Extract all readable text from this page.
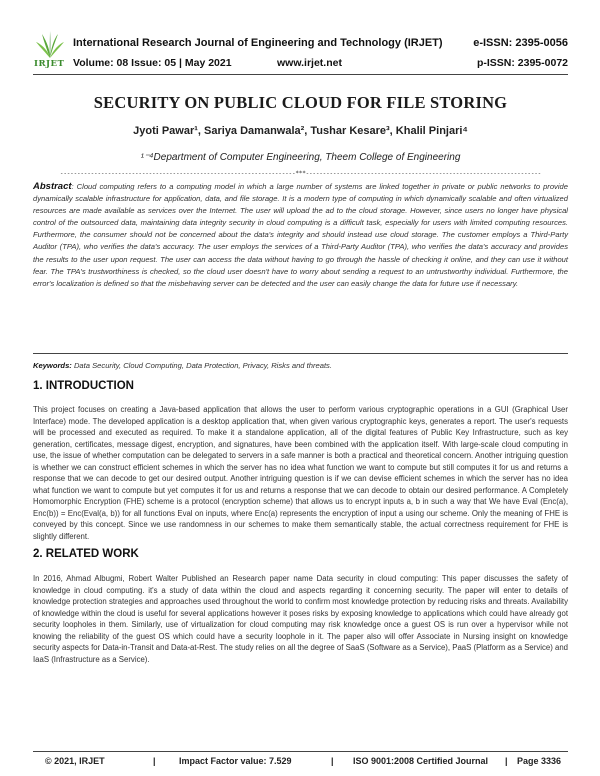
IRJET
International Research Journal of Engineering and Technology (IRJET)	e-ISSN: 2395-0056
Volume: 08 Issue: 05 | May 2021	www.irjet.net	p-ISSN: 2395-0072
SECURITY ON PUBLIC CLOUD FOR FILE STORING
Jyoti Pawar¹, Sariya Damanwala², Tushar Kesare³, Khalil Pinjari⁴
¹⁻⁴Department of Computer Engineering, Theem College of Engineering
---------------------------------------------------------------------***---------------------------------------------------------------------
Abstract: Cloud computing refers to a computing model in which a large number of systems are linked together in private or public networks to provide dynamically scalable infrastructure for application, data, and file storage. It is a modern type of computing in which dynamically scalable and often virtualized resources are made available as services over the Internet. The user will upload the ad to the cloud storage. However, since users no longer have physical control of the outsourced data, maintaining data integrity security in cloud computing is a difficult task, especially for users with limited computing resources. Furthermore, the consumer should not be concerned about the data's integrity and should instead use cloud storage. The customer employs a Third-Party Auditor (TPA), who verifies the data's accuracy. The user employs the services of a Third-Party Auditor (TPA), who verifies the data's accuracy and provides the results to the user upon request. The user can access the data without having to go through the hassle of checking it online, and they can use it without fear. The TPA's trustworthiness is checked, so the cloud user doesn't have to worry about sending a request to an untrustworthy individual. Furthermore, the error's localization is defined so that the misbehaving server can be detected and the user can easily change the data for future use if necessary.
Keywords: Data Security, Cloud Computing, Data Protection, Privacy, Risks and threats.
1. INTRODUCTION
This project focuses on creating a Java-based application that allows the user to perform various cryptographic operations in a GUI (Graphical User Interface) mode. The developed application is a desktop application that, when given various cryptographic keys, generates a report. The user's requests will be processed and executed as required. To make it a standalone application, all of the digital features of Public Key Infrastructure, such as key generation, certificates, message digest, encryption, and signatures, have been combined with the application itself. With large-scale cloud computing in use, the issue of whether computation can be delegated to servers in a safe manner is both a practical and theoretical concern. Another intriguing question is whether we can construct efficient schemes in which the server has no idea what function we want to compute but still computes it for us and returns a response that we can decode to get our desired output. Another intriguing question is if we can devise efficient schemes in which the server has no idea what function we want to compute but yet computes it for us and returns a response that we can decode to obtain our desired performance. A Completely Homomorphic Encryption (FHE) scheme is a protocol (encryption scheme) that allows us to encrypt inputs a, b in such a way that We have Eval (Enc(a), Enc(b)) = Enc(Eval(a, b)) for all functions Eval on inputs, where Enc(a) represents the encryption of input a using our scheme. Only the meaning of FHE is conveyed by this concept. Since we use randomness in our schemes to make them semantically stable, the actual correctness requirement for FHE is slightly different.
2. RELATED WORK
In 2016, Ahmad Albugmi, Robert Walter Published an Research paper name Data security in cloud computing: This paper discusses the safety of knowledge in cloud computing. it's a study of data within the cloud and aspects regarding it concerning security. The paper will enter to details of knowledge protection strategies and approaches used throughout the world to confirm most knowledge protection by reducing risks and threats. Availability of knowledge within the cloud is useful for several applications however it poses risks by exposing knowledge to applications which could have already got security loopholes in them. Similarly, use of virtualization for cloud computing may risk knowledge once a guest OS is run over a hypervisor while not knowing the reliability of the guest OS which could have a security loophole in it. The paper also will offer Associate in Nursing insight on knowledge security aspects for Data-in-Transit and Data-at-Rest. The study relies on all the degree of SaaS (Software as a Service), PaaS (Platform as a Service) and IaaS (Infrastructure as a Service).
© 2021, IRJET	|	Impact Factor value: 7.529	| ISO 9001:2008 Certified Journal | Page 3336
